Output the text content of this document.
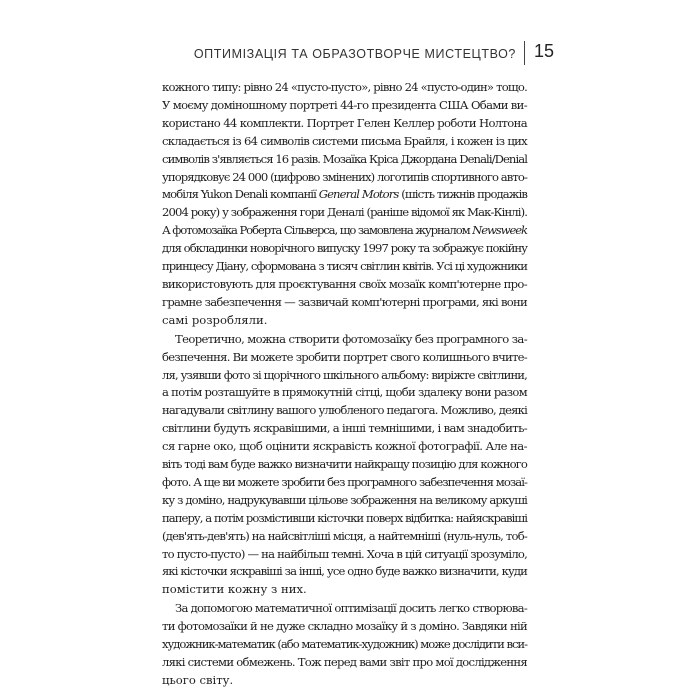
ОПТИМІЗАЦІЯ ТА ОБРАЗОТВОРЧЕ МИСТЕЦТВО? 15

кожного типу: рівно 24 «пусто-пусто», рівно 24 «пусто-один» тощо.
У моєму доміношному портреті 44-го президента США Обами ви-
користано 44 комплекти. Портрет Гелен Келлер роботи Нолтона
складається із 64 символів системи письма Брайля, і кожен із цих
символів з'являється 16 разів. Мозаїка Кріса Джордана Denali/Denial
упорядковує 24 000 (цифрово змінених) логотипів спортивного авто-
мобіля Yukon Denali компанії General Motors (шість тижнів продажів
2004 року) у зображення гори Деналі (раніше відомої як Мак-Кінлі).
А фотомозаїка Роберта Сільверса, що замовлена журналом Newsweek
для обкладинки новорічного випуску 1997 року та зображує покійну
принцесу Діану, сформована з тисяч світлин квітів. Усі ці художники
використовують для проєктування своїх мозаїк комп'ютерне про-
грамне забезпечення — зазвичай комп'ютерні програми, які вони
самі розробляли.

Теоретично, можна створити фотомозаїку без програмного за-
безпечення. Ви можете зробити портрет свого колишнього вчите-
ля, узявши фото зі щорічного шкільного альбому: виріжте світлини,
а потім розташуйте в прямокутній сітці, щоби здалеку вони разом
нагадували світлину вашого улюбленого педагога. Можливо, деякі
світлини будуть яскравішими, а інші темнішими, і вам знадобить-
ся гарне око, щоб оцінити яскравість кожної фотографії. Але на-
віть тоді вам буде важко визначити найкращу позицію для кожного
фото. А ще ви можете зробити без програмного забезпечення мозаї-
ку з доміно, надрукувавши цільове зображення на великому аркуші
паперу, а потім розмістивши кісточки поверх відбитка: найяскравіші
(дев'ять-дев'ять) на найсвітліші місця, а найтемніші (нуль-нуль, тоб-
то пусто-пусто) — на найбільш темні. Хоча в цій ситуації зрозуміло,
які кісточки яскравіші за інші, усе одно буде важко визначити, куди
помістити кожну з них.

За допомогою математичної оптимізації досить легко створюва-
ти фотомозаїки й не дуже складно мозаїку й з доміно. Завдяки ній
художник-математик (або математик-художник) може дослідити вси-
лякі системи обмежень. Тож перед вами звіт про мої дослідження
цього світу.
